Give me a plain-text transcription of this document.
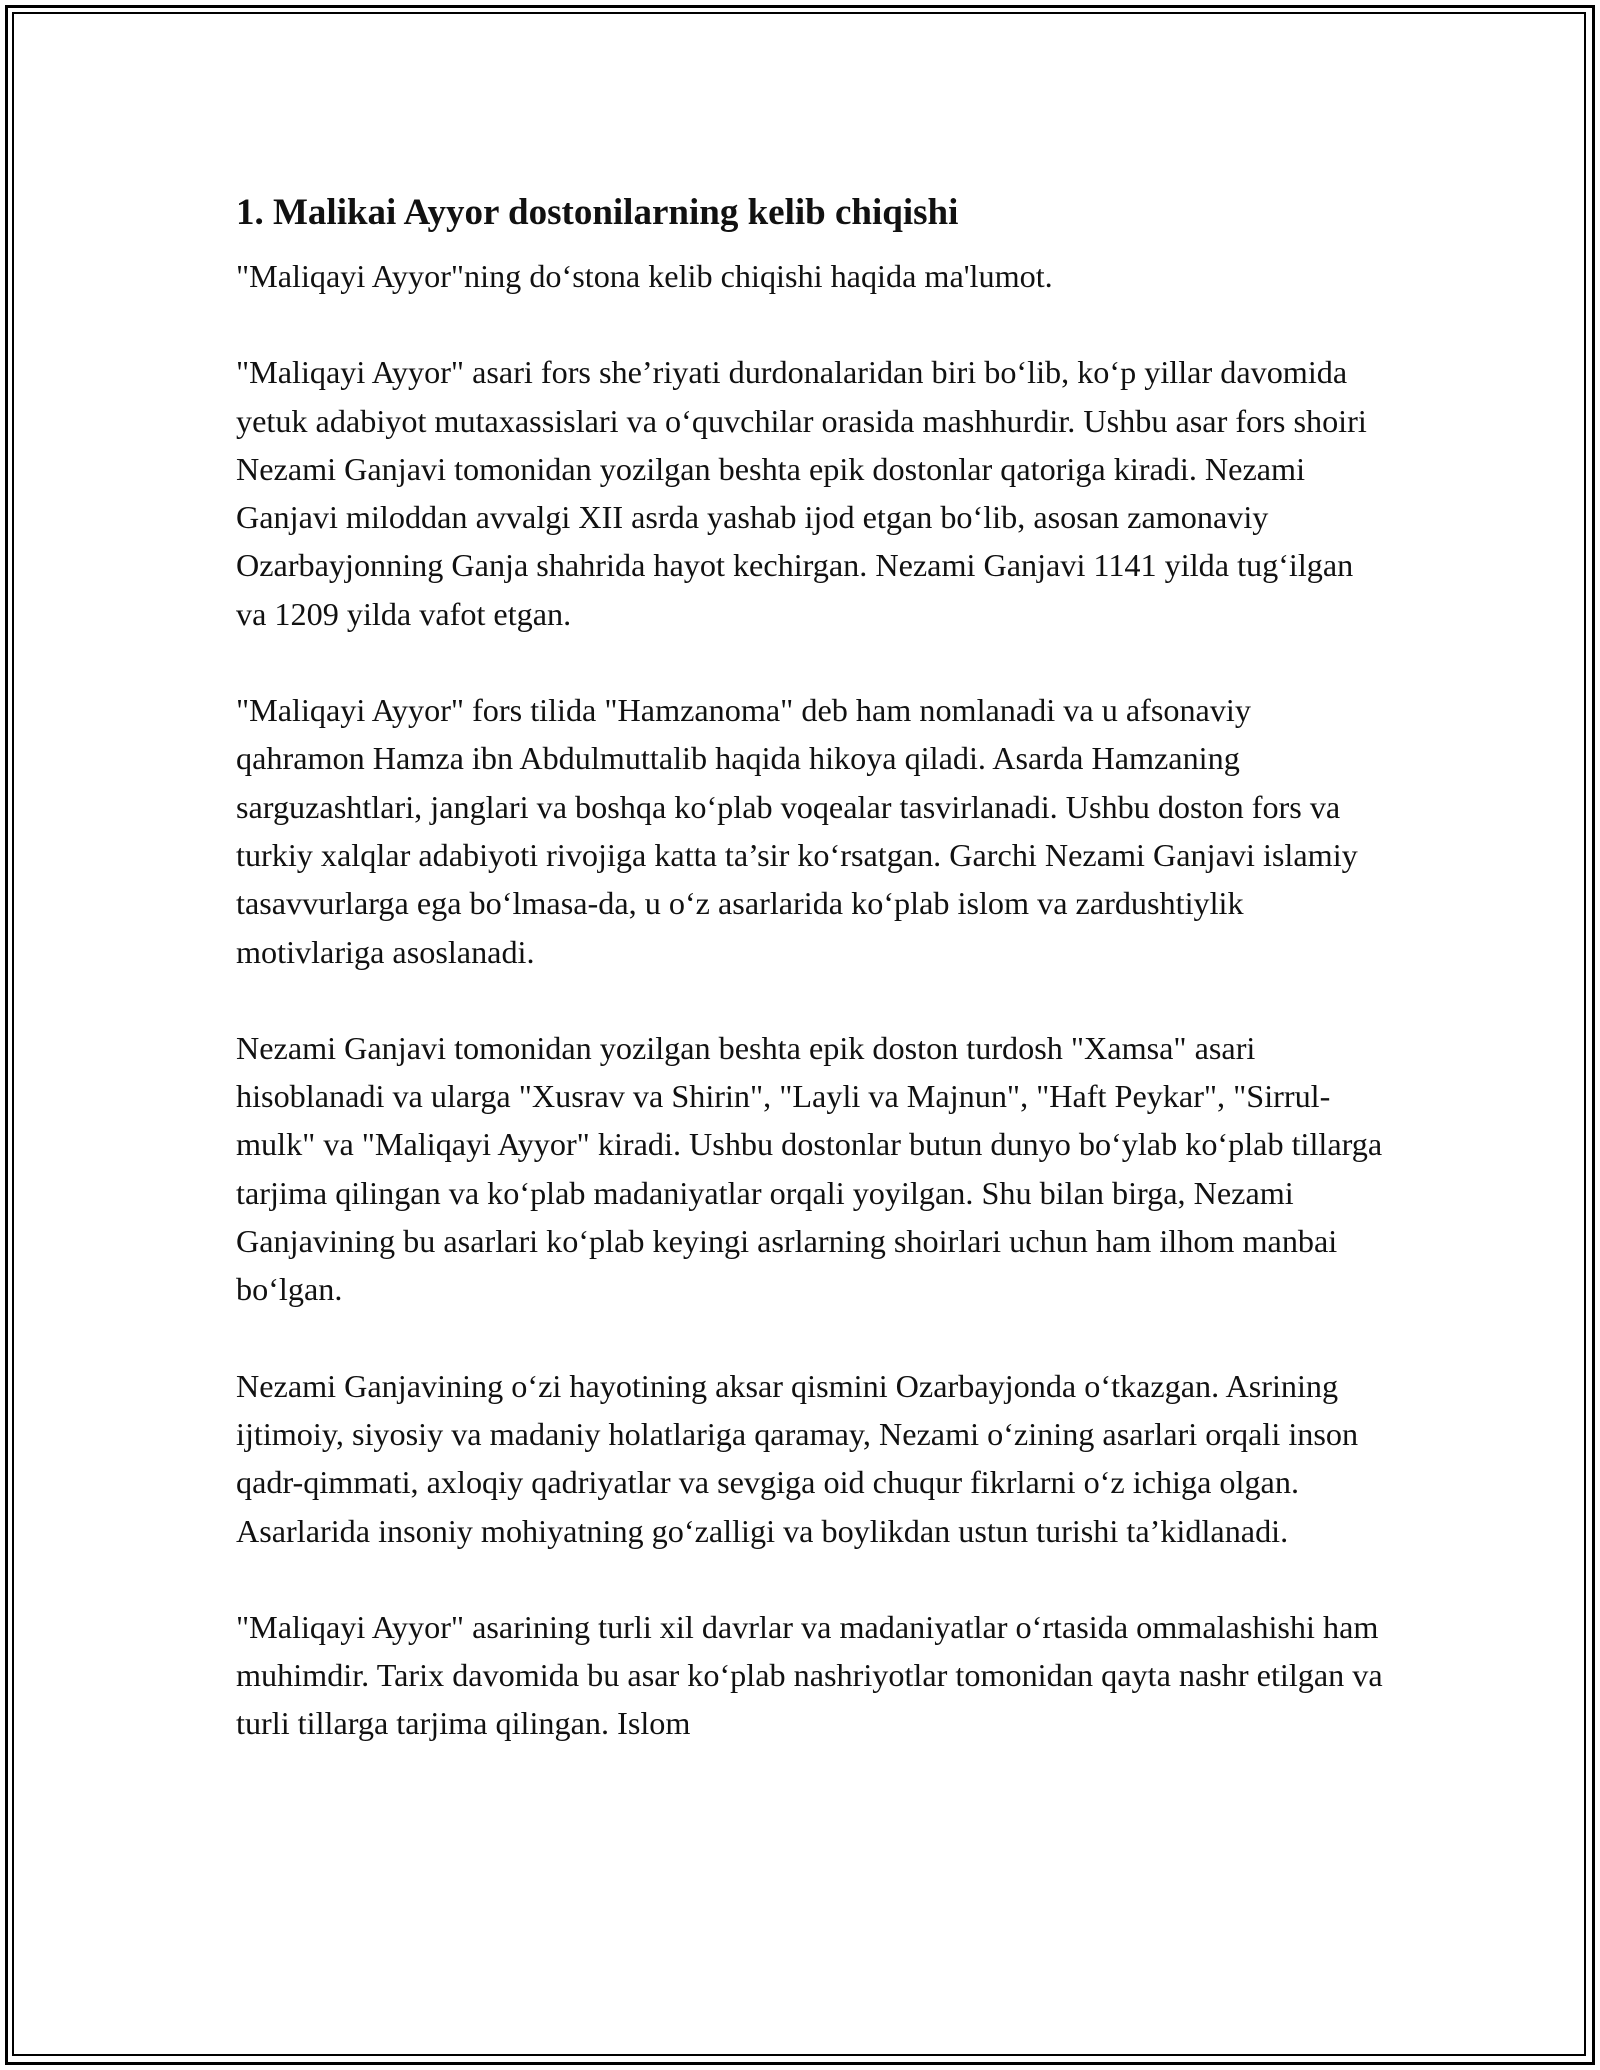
1. Malikai Ayyor dostonilarning kelib chiqishi

"Maliqayi Ayyor"ning do‘stona kelib chiqishi haqida ma'lumot.

"Maliqayi Ayyor" asari fors she’riyati durdonalaridan biri bo‘lib, ko‘p yillar davomida yetuk adabiyot mutaxassislari va o‘quvchilar orasida mashhurdir. Ushbu asar fors shoiri Nezami Ganjavi tomonidan yozilgan beshta epik dostonlar qatoriga kiradi. Nezami Ganjavi miloddan avvalgi XII asrda yashab ijod etgan bo‘lib, asosan zamonaviy Ozarbayjonning Ganja shahrida hayot kechirgan. Nezami Ganjavi 1141 yilda tug‘ilgan va 1209 yilda vafot etgan.

"Maliqayi Ayyor" fors tilida "Hamzanoma" deb ham nomlanadi va u afsonaviy qahramon Hamza ibn Abdulmuttalib haqida hikoya qiladi. Asarda Hamzaning sarguzashtlari, janglari va boshqa ko‘plab voqealar tasvirlanadi. Ushbu doston fors va turkiy xalqlar adabiyoti rivojiga katta ta’sir ko‘rsatgan. Garchi Nezami Ganjavi islamiy tasavvurlarga ega bo‘lmasa-da, u o‘z asarlarida ko‘plab islom va zardushtiylik motivlariga asoslanadi.

Nezami Ganjavi tomonidan yozilgan beshta epik doston turdosh "Xamsa" asari hisoblanadi va ularga "Xusrav va Shirin", "Layli va Majnun", "Haft Peykar", "Sirrul-mulk" va "Maliqayi Ayyor" kiradi. Ushbu dostonlar butun dunyo bo‘ylab ko‘plab tillarga tarjima qilingan va ko‘plab madaniyatlar orqali yoyilgan. Shu bilan birga, Nezami Ganjavining bu asarlari ko‘plab keyingi asrlarning shoirlari uchun ham ilhom manbai bo‘lgan.

Nezami Ganjavining o‘zi hayotining aksar qismini Ozarbayjonda o‘tkazgan. Asrining ijtimoiy, siyosiy va madaniy holatlariga qaramay, Nezami o‘zining asarlari orqali inson qadr-qimmati, axloqiy qadriyatlar va sevgiga oid chuqur fikrlarni o‘z ichiga olgan. Asarlarida insoniy mohiyatning go‘zalligi va boylikdan ustun turishi ta’kidlanadi.

"Maliqayi Ayyor" asarining turli xil davrlar va madaniyatlar o‘rtasida ommalashishi ham muhimdir. Tarix davomida bu asar ko‘plab nashriyotlar tomonidan qayta nashr etilgan va turli tillarga tarjima qilingan. Islom
